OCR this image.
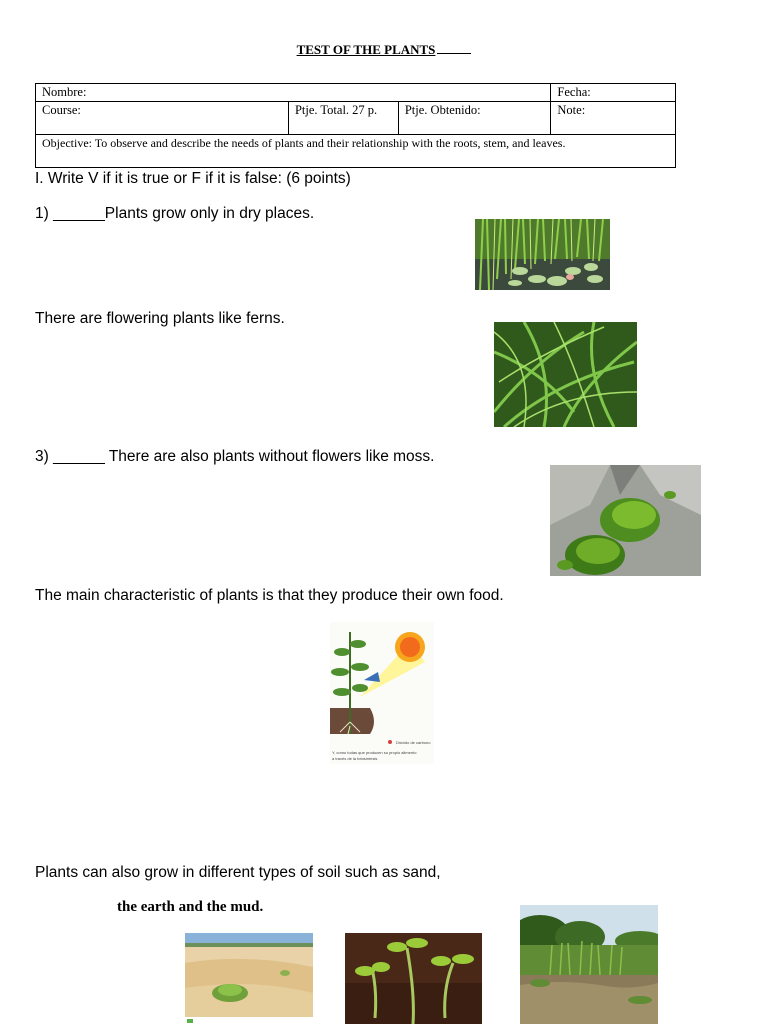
TEST OF THE PLANTS
Nombre:			Fecha:
Course:	Ptje. Total. 27 p.	Ptje. Obtenido:	Note:
Objective: To observe and describe the needs of plants and their relationship with the roots, stem, and leaves.			
I. Write V if it is true or F if it is false: (6 points)
1) ______Plants grow only in dry places.
There are flowering plants like ferns.
3) ______ There are also plants without flowers like moss.
The main characteristic of plants is that they produce their own food.
Plants can also grow in different types of soil such as sand,
the earth and the mud.
Dióxido de carbono
Y, como todas que producen su propio alimento
a través de la fotosíntesis
